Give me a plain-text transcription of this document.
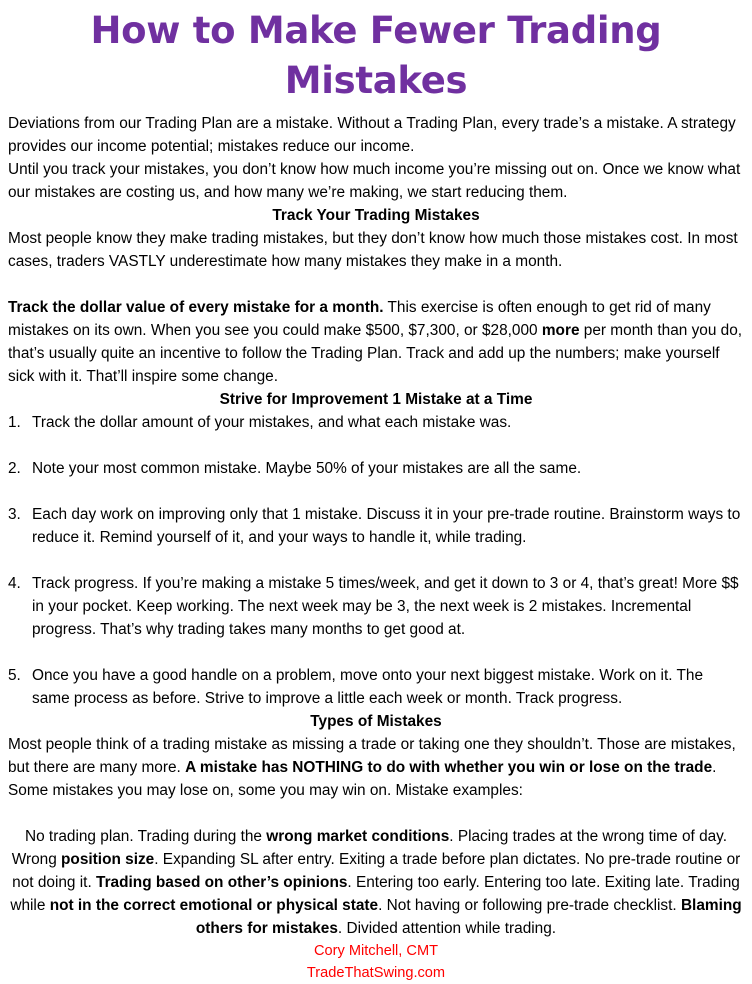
How to Make Fewer Trading Mistakes

Deviations from our Trading Plan are a mistake. Without a Trading Plan, every trade’s a mistake. A strategy provides our income potential; mistakes reduce our income.

Until you track your mistakes, you don’t know how much income you’re missing out on. Once we know what our mistakes are costing us, and how many we’re making, we start reducing them.

Track Your Trading Mistakes

Most people know they make trading mistakes, but they don’t know how much those mistakes cost. In most cases, traders VASTLY underestimate how many mistakes they make in a month.

Track the dollar value of every mistake for a month. This exercise is often enough to get rid of many mistakes on its own. When you see you could make $500, $7,300, or $28,000 more per month than you do, that’s usually quite an incentive to follow the Trading Plan. Track and add up the numbers; make yourself sick with it. That’ll inspire some change.

Strive for Improvement 1 Mistake at a Time

1. Track the dollar amount of your mistakes, and what each mistake was.
2. Note your most common mistake. Maybe 50% of your mistakes are all the same.
3. Each day work on improving only that 1 mistake. Discuss it in your pre-trade routine. Brainstorm ways to reduce it. Remind yourself of it, and your ways to handle it, while trading.
4. Track progress. If you’re making a mistake 5 times/week, and get it down to 3 or 4, that’s great! More $$ in your pocket. Keep working. The next week may be 3, the next week is 2 mistakes. Incremental progress. That’s why trading takes many months to get good at.
5. Once you have a good handle on a problem, move onto your next biggest mistake. Work on it. The same process as before. Strive to improve a little each week or month. Track progress.

Types of Mistakes

Most people think of a trading mistake as missing a trade or taking one they shouldn’t. Those are mistakes, but there are many more. A mistake has NOTHING to do with whether you win or lose on the trade. Some mistakes you may lose on, some you may win on. Mistake examples:

No trading plan. Trading during the wrong market conditions. Placing trades at the wrong time of day. Wrong position size. Expanding SL after entry. Exiting a trade before plan dictates. No pre-trade routine or not doing it. Trading based on other’s opinions. Entering too early. Entering too late. Exiting late. Trading while not in the correct emotional or physical state. Not having or following pre-trade checklist. Blaming others for mistakes. Divided attention while trading.

Cory Mitchell, CMT

TradeThatSwing.com
